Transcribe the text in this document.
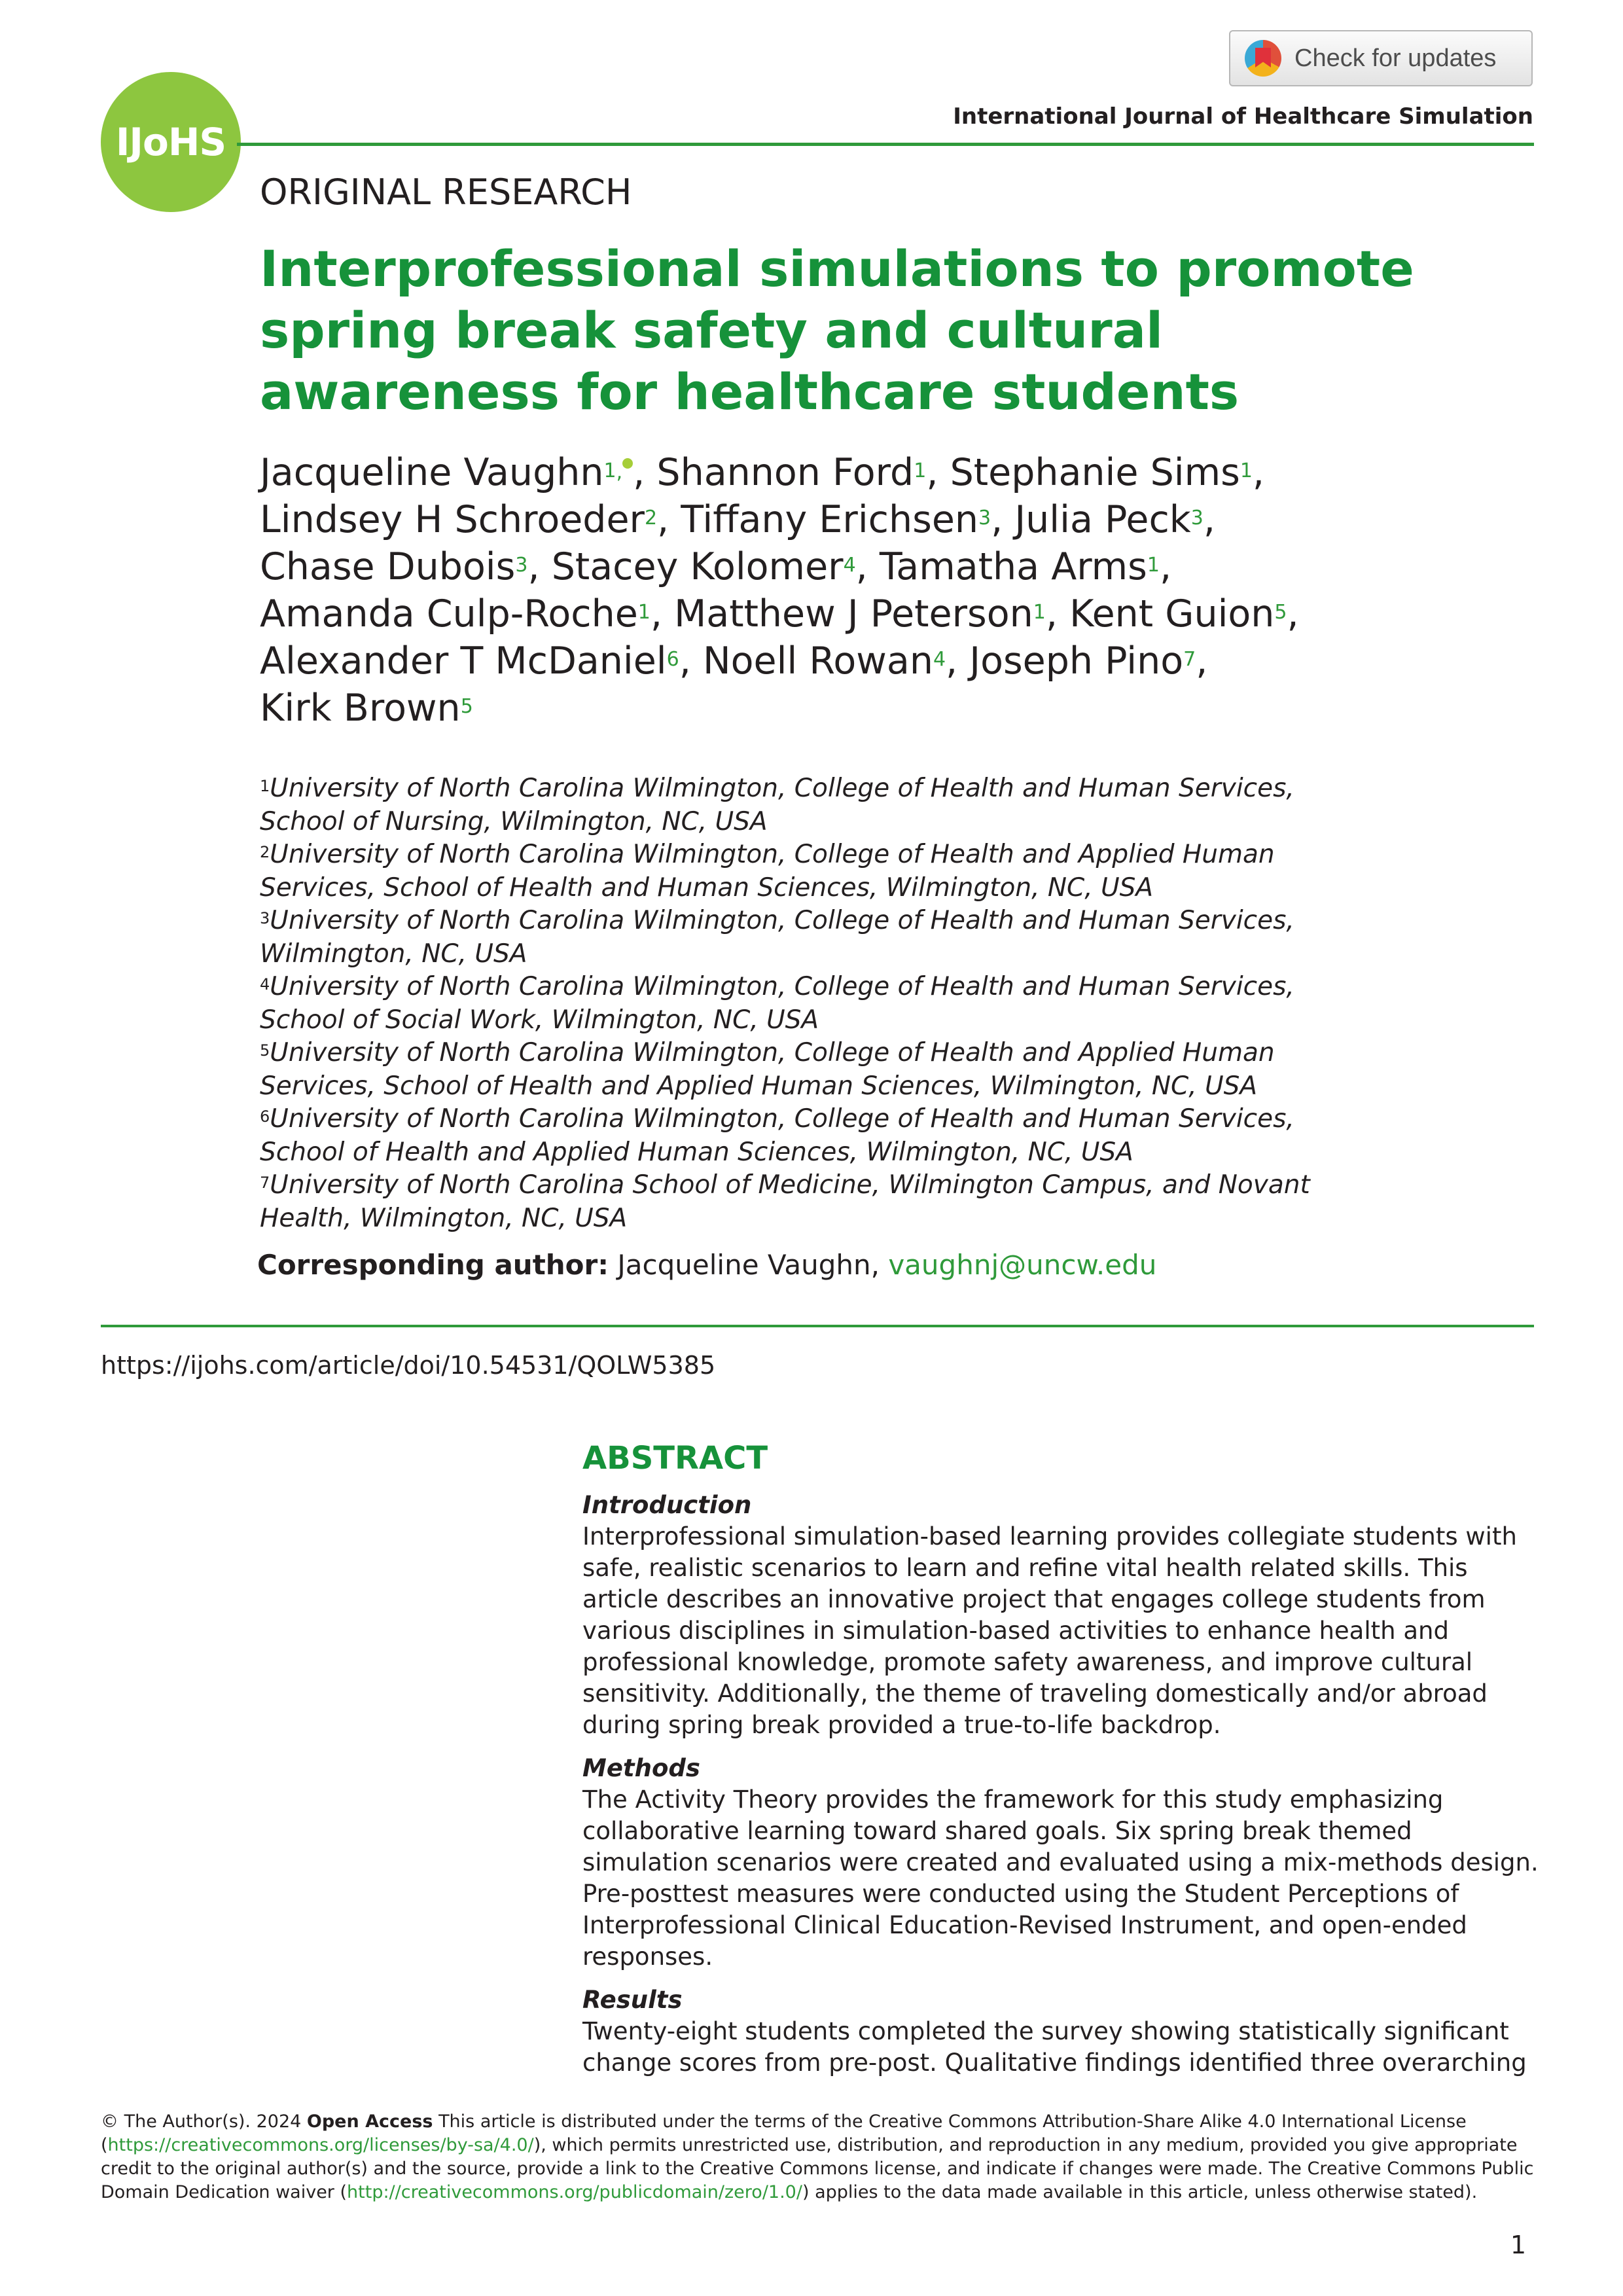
IJoHS
Check for updates
International Journal of Healthcare Simulation
ORIGINAL RESEARCH
Interprofessional simulations to promote spring break safety and cultural awareness for healthcare students
Jacqueline Vaughn$^{1,}$ , Shannon Ford$^1$, Stephanie Sims$^1$,
Lindsey H Schroeder$^2$, Tiffany Erichsen$^3$, Julia Peck$^3$,
Chase Dubois$^3$, Stacey Kolomer$^4$, Tamatha Arms$^1$,
Amanda Culp-Roche$^1$, Matthew J Peterson$^1$, Kent Guion$^5$,
Alexander T McDaniel$^6$, Noell Rowan$^4$, Joseph Pino$^7$,
Kirk Brown$^5$
$^1$University of North Carolina Wilmington, College of Health and Human Services, School of Nursing, Wilmington, NC, USA
$^2$University of North Carolina Wilmington, College of Health and Applied Human Services, School of Health and Human Sciences, Wilmington, NC, USA
$^3$University of North Carolina Wilmington, College of Health and Human Services, Wilmington, NC, USA
$^4$University of North Carolina Wilmington, College of Health and Human Services, School of Social Work, Wilmington, NC, USA
$^5$University of North Carolina Wilmington, College of Health and Applied Human Services, School of Health and Applied Human Sciences, Wilmington, NC, USA
$^6$University of North Carolina Wilmington, College of Health and Human Services, School of Health and Applied Human Sciences, Wilmington, NC, USA
$^7$University of North Carolina School of Medicine, Wilmington Campus, and Novant Health, Wilmington, NC, USA
Corresponding author: Jacqueline Vaughn, vaughnj@uncw.edu
https://ijohs.com/article/doi/10.54531/QOLW5385
ABSTRACT
Introduction

Interprofessional simulation-based learning provides collegiate students with safe, realistic scenarios to learn and refine vital health related skills. This article describes an innovative project that engages college students from various disciplines in simulation-based activities to enhance health and professional knowledge, promote safety awareness, and improve cultural sensitivity. Additionally, the theme of traveling domestically and/or abroad during spring break provided a true-to-life backdrop.

Methods

The Activity Theory provides the framework for this study emphasizing collaborative learning toward shared goals. Six spring break themed simulation scenarios were created and evaluated using a mix-methods design. Pre-posttest measures were conducted using the Student Perceptions of Interprofessional Clinical Education-Revised Instrument, and open-ended responses.

Results

Twenty-eight students completed the survey showing statistically significant change scores from pre-post. Qualitative findings identified three overarching

© The Author(s). 2024 Open Access This article is distributed under the terms of the Creative Commons Attribution-Share Alike 4.0 International License (https://creativecommons.org/licenses/by-sa/4.0/), which permits unrestricted use, distribution, and reproduction in any medium, provided you give appropriate credit to the original author(s) and the source, provide a link to the Creative Commons license, and indicate if changes were made. The Creative Commons Public Domain Dedication waiver (http://creativecommons.org/publicdomain/zero/1.0/) applies to the data made available in this article, unless otherwise stated).
1
